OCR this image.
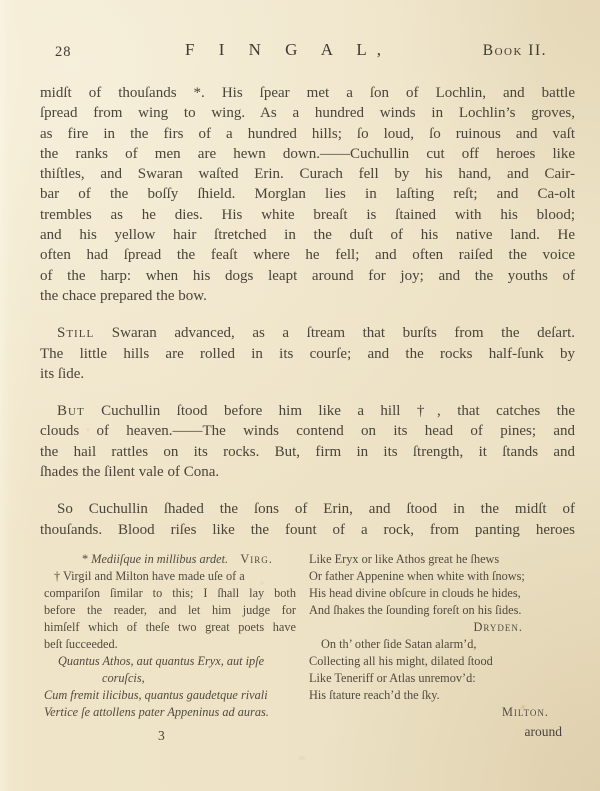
28	F I N G A L,	Book II.
midſt of thouſands *. His ſpear met a ſon of Lochlin, and battle
ſpread from wing to wing. As a hundred winds in Lochlin’s groves,
as fire in the firs of a hundred hills; ſo loud, ſo ruinous and vaſt
the ranks of men are hewn down.——Cuchullin cut off heroes like
thiſtles, and Swaran waſted Erin. Curach fell by his hand, and Cair-
bar of the boſſy ſhield. Morglan lies in laſting reſt; and Ca-olt
trembles as he dies. His white breaſt is ſtained with his blood;
and his yellow hair ſtretched in the duſt of his native land. He
often had ſpread the feaſt where he fell; and often raiſed the voice
of the harp: when his dogs leapt around for joy; and the youths of
the chace prepared the bow.
Still Swaran advanced, as a ſtream that burſts from the deſart.
The little hills are rolled in its courſe; and the rocks half-ſunk by
its ſide.
But Cuchullin ſtood before him like a hill †, that catches the
clouds of heaven.——The winds contend on its head of pines; and
the hail rattles on its rocks. But, firm in its ſtrength, it ſtands and
ſhades the ſilent vale of Cona.
So Cuchullin ſhaded the ſons of Erin, and ſtood in the midſt of
thouſands. Blood riſes like the fount of a rock, from panting heroes
* Mediiſque in millibus ardet. Virg.
† Virgil and Milton have made uſe of a
compariſon ſimilar to this; I ſhall lay both
before the reader, and let him judge for
himſelf which of theſe two great poets have
beſt ſucceeded.
Quantus Athos, aut quantus Eryx, aut ipſe
coruſcis,
Cum fremit ilicibus, quantus gaudetque rivali
Vertice ſe attollens pater Appeninus ad auras.
Like Eryx or like Athos great he ſhews
Or father Appenine when white with ſnows;
His head divine obſcure in clouds he hides,
And ſhakes the ſounding foreſt on his ſides.
Dryden.
On th’ other ſide Satan alarm’d,
Collecting all his might, dilated ſtood
Like Teneriff or Atlas unremov’d:
His ſtature reach’d the ſky.
Milton.
3	around
